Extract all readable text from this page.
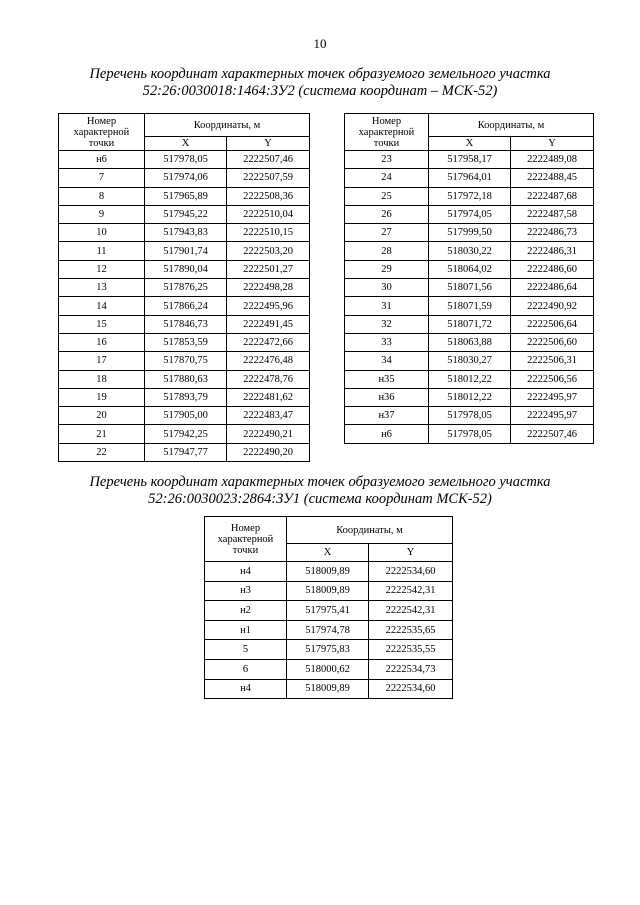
10
Перечень координат характерных точек образуемого земельного участка
52:26:0030018:1464:ЗУ2 (система координат – МСК-52)
Номер
характерной
точки	Координаты, м	
	X	Y
н6	517978,05	2222507,46
7	517974,06	2222507,59
8	517965,89	2222508,36
9	517945,22	2222510,04
10	517943,83	2222510,15
11	517901,74	2222503,20
12	517890,04	2222501,27
13	517876,25	2222498,28
14	517866,24	2222495,96
15	517846,73	2222491,45
16	517853,59	2222472,66
17	517870,75	2222476,48
18	517880,63	2222478,76
19	517893,79	2222481,62
20	517905,00	2222483,47
21	517942,25	2222490,21
22	517947,77	2222490,20
Номер
характерной
точки	Координаты, м	
	X	Y
23	517958,17	2222489,08
24	517964,01	2222488,45
25	517972,18	2222487,68
26	517974,05	2222487,58
27	517999,50	2222486,73
28	518030,22	2222486,31
29	518064,02	2222486,60
30	518071,56	2222486,64
31	518071,59	2222490,92
32	518071,72	2222506,64
33	518063,88	2222506,60
34	518030,27	2222506,31
н35	518012,22	2222506,56
н36	518012,22	2222495,97
н37	517978,05	2222495,97
н6	517978,05	2222507,46
Перечень координат характерных точек образуемого земельного участка
52:26:0030023:2864:ЗУ1 (система координат МСК-52)
Номер
характерной
точки	Координаты, м	
	X	Y
н4	518009,89	2222534,60
н3	518009,89	2222542,31
н2	517975,41	2222542,31
н1	517974,78	2222535,65
5	517975,83	2222535,55
6	518000,62	2222534,73
н4	518009,89	2222534,60
